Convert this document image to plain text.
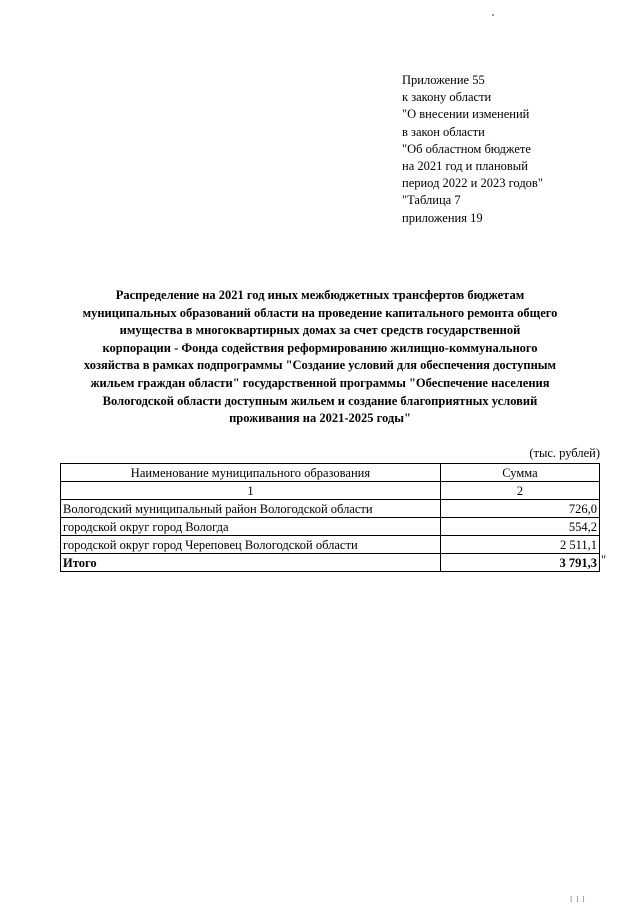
Приложение 55
к закону области
"О внесении изменений
в закон области
"Об областном бюджете
на 2021 год и плановый
период 2022 и 2023 годов"
"Таблица 7
приложения 19
Распределение на 2021 год иных межбюджетных трансфертов бюджетам
муниципальных образований области на проведение капитального ремонта общего
имущества в многоквартирных домах за счет средств государственной
корпорации - Фонда содействия реформированию жилищно-коммунального
хозяйства в рамках подпрограммы "Создание условий для обеспечения доступным
жильем граждан области" государственной программы "Обеспечение населения
Вологодской области доступным жильем и создание благоприятных условий
проживания на 2021-2025 годы"
(тыс. рублей)
Наименование муниципального образования	Сумма
1	2
Вологодский муниципальный район Вологодской области	726,0
городской округ город Вологда	554,2
городской округ город Череповец Вологодской области	2 511,1
Итого	3 791,3 "
l l l
